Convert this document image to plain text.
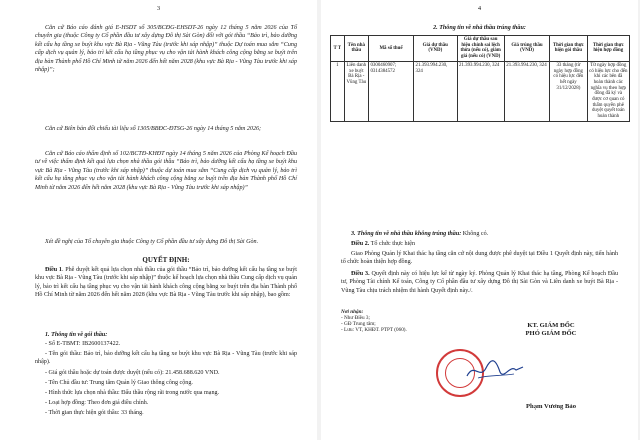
3
Căn cứ Báo cáo đánh giá E-HSDT số 305/BCĐG-EHSDT-26 ngày 12 tháng 5 năm 2026 của Tổ chuyên gia (thuộc Công ty Cổ phần đầu tư xây dựng Đô thị Sài Gòn) đối với gói thầu “Bảo trì, bảo dưỡng kết cấu hạ tầng xe buýt khu vực Bà Rịa - Vũng Tàu (trước khi sáp nhập)” thuộc Dự toán mua sắm “Cung cấp dịch vụ quản lý, bảo trì kết cấu hạ tầng phục vụ cho vận tải hành khách công cộng bằng xe buýt trên địa bàn Thành phố Hồ Chí Minh từ năm 2026 đến hết năm 2028 (khu vực Bà Rịa - Vũng Tàu trước khi sáp nhập)”;
Căn cứ Biên bản đối chiếu tài liệu số 1305/BBĐC-ĐTSG-26 ngày 14 tháng 5 năm 2026;
Căn cứ Báo cáo thẩm định số 102/BCTĐ-KHĐT ngày 14 tháng 5 năm 2026 của Phòng Kế hoạch Đầu tư về việc thẩm định kết quả lựa chọn nhà thầu gói thầu “Bảo trì, bảo dưỡng kết cấu hạ tầng xe buýt khu vực Bà Rịa - Vũng Tàu (trước khi sáp nhập)” thuộc dự toán mua sắm “Cung cấp dịch vụ quản lý, bảo trì kết cấu hạ tầng phục vụ cho vận tải hành khách công cộng bằng xe buýt trên địa bàn Thành phố Hồ Chí Minh từ năm 2026 đến hết năm 2028 (khu vực Bà Rịa - Vũng Tàu trước khi sáp nhập)”
Xét đề nghị của Tổ chuyên gia thuộc Công ty Cổ phần đầu tư xây dựng Đô thị Sài Gòn.
QUYẾT ĐỊNH:
Điều 1. Phê duyệt kết quả lựa chọn nhà thầu của gói thầu “Bảo trì, bảo dưỡng kết cấu hạ tầng xe buýt khu vực Bà Rịa - Vũng Tàu (trước khi sáp nhập)” thuộc kế hoạch lựa chọn nhà thầu Cung cấp dịch vụ quản lý, bảo trì kết cấu hạ tầng phục vụ cho vận tải hành khách công cộng bằng xe buýt trên địa bàn Thành phố Hồ Chí Minh từ năm 2026 đến hết năm 2028 (khu vực Bà Rịa - Vũng Tàu trước khi sáp nhập), bao gồm:
1. Thông tin về gói thầu:
- Số E-TBMT: IB2600137422.
- Tên gói thầu: Bảo trì, bảo dưỡng kết cấu hạ tầng xe buýt khu vực Bà Rịa - Vũng Tàu (trước khi sáp nhập).
- Giá gói thầu hoặc dự toán được duyệt (nếu có): 21.458.688.620 VND.
- Tên Chủ đầu tư: Trung tâm Quản lý Giao thông công cộng.
- Hình thức lựa chọn nhà thầu: Đấu thầu rộng rãi trong nước qua mạng.
- Loại hợp đồng: Theo đơn giá điều chỉnh.
- Thời gian thực hiện gói thầu: 33 tháng.
4
2. Thông tin về nhà thầu trúng thầu:
T T	Tên nhà thầu	Mã số thuế	Giá dự thầu (VND)	Giá dự thầu sau hiệu chỉnh sai lệch thừa (nếu có), giảm giá (nếu có) (VND)	Giá trúng thầu (VND)	Thời gian thực hiện gói thầu	Thời gian thực hiện hợp đồng
1	Liên danh xe buýt Bà Rịa - Vũng Tàu	0300460907; 0314384572	21.393.994.230, 324	21.393.994.230, 324	21.393.994.230, 324	33 tháng (từ ngày hợp đồng có hiệu lực đến hết ngày 31/12/2028)	Từ ngày hợp đồng có hiệu lực cho đến khi các bên đã hoàn thành các nghĩa vụ theo hợp đồng đã ký và được cơ quan có thẩm quyền phê duyệt quyết toán hoàn thành
3. Thông tin về nhà thầu không trúng thầu: Không có.
Điều 2. Tổ chức thực hiện
Giao Phòng Quản lý Khai thác hạ tầng căn cứ nội dung được phê duyệt tại Điều 1 Quyết định này, tiến hành tổ chức hoàn thiện hợp đồng.
Điều 3. Quyết định này có hiệu lực kể từ ngày ký. Phòng Quản lý Khai thác hạ tầng, Phòng Kế hoạch Đầu tư, Phòng Tài chính Kế toán, Công ty Cổ phần đầu tư xây dựng Đô thị Sài Gòn và Liên danh xe buýt Bà Rịa - Vũng Tàu chịu trách nhiệm thi hành Quyết định này./.
Nơi nhận:
- Như Điều 3;
- GĐ Trung tâm;
- Lưu: VT, KHĐT. PTPT (060).
KT. GIÁM ĐỐC
PHÓ GIÁM ĐỐC
Phạm Vương Bảo
